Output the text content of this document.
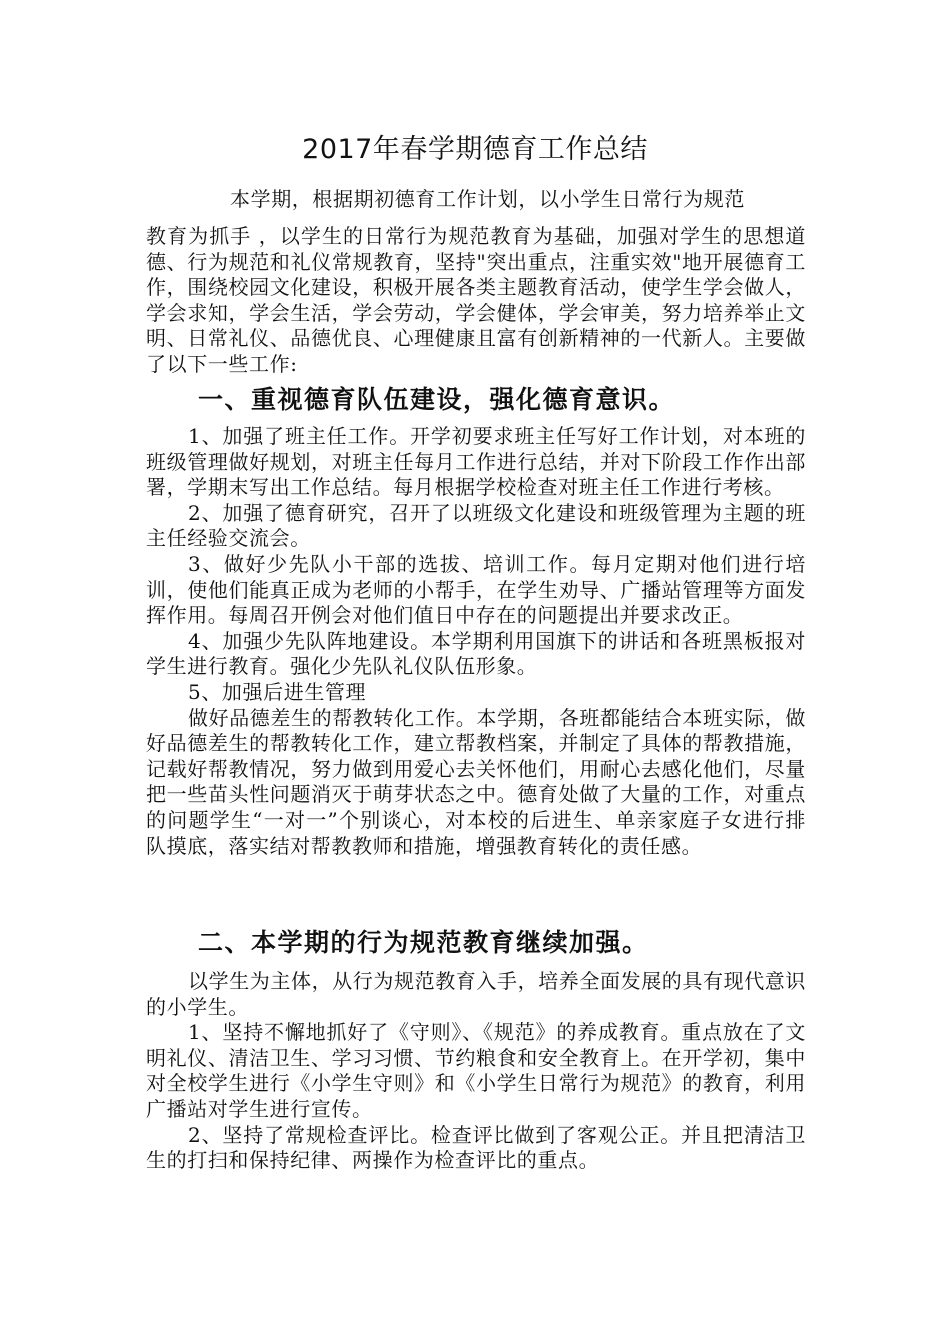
2017年春学期德育工作总结

本学期，根据期初德育工作计划，以小学生日常行为规范

教育为抓手 ，以学生的日常行为规范教育为基础，加强对学生的思想道德、行为规范和礼仪常规教育，坚持"突出重点，注重实效"地开展德育工作，围绕校园文化建设，积极开展各类主题教育活动，使学生学会做人，学会求知，学会生活，学会劳动，学会健体，学会审美，努力培养举止文明、日常礼仪、品德优良、心理健康且富有创新精神的一代新人。主要做了以下一些工作:

一、重视德育队伍建设，强化德育意识。

1、加强了班主任工作。开学初要求班主任写好工作计划，对本班的班级管理做好规划，对班主任每月工作进行总结，并对下阶段工作作出部署，学期末写出工作总结。每月根据学校检查对班主任工作进行考核。

2、加强了德育研究，召开了以班级文化建设和班级管理为主题的班主任经验交流会。

3、做好少先队小干部的选拔、培训工作。每月定期对他们进行培训，使他们能真正成为老师的小帮手，在学生劝导、广播站管理等方面发挥作用。每周召开例会对他们值日中存在的问题提出并要求改正。

4、加强少先队阵地建设。本学期利用国旗下的讲话和各班黑板报对学生进行教育。强化少先队礼仪队伍形象。

5、加强后进生管理

做好品德差生的帮教转化工作。本学期，各班都能结合本班实际，做好品德差生的帮教转化工作，建立帮教档案，并制定了具体的帮教措施，记载好帮教情况，努力做到用爱心去关怀他们，用耐心去感化他们，尽量把一些苗头性问题消灭于萌芽状态之中。德育处做了大量的工作，对重点的问题学生“一对一”个别谈心，对本校的后进生、单亲家庭子女进行排队摸底，落实结对帮教教师和措施，增强教育转化的责任感。

二、本学期的行为规范教育继续加强。

以学生为主体，从行为规范教育入手，培养全面发展的具有现代意识的小学生。

1、坚持不懈地抓好了《守则》、《规范》的养成教育。重点放在了文明礼仪、清洁卫生、学习习惯、节约粮食和安全教育上。在开学初，集中对全校学生进行《小学生守则》和《小学生日常行为规范》的教育，利用广播站对学生进行宣传。

2、坚持了常规检查评比。检查评比做到了客观公正。并且把清洁卫生的打扫和保持纪律、两操作为检查评比的重点。
